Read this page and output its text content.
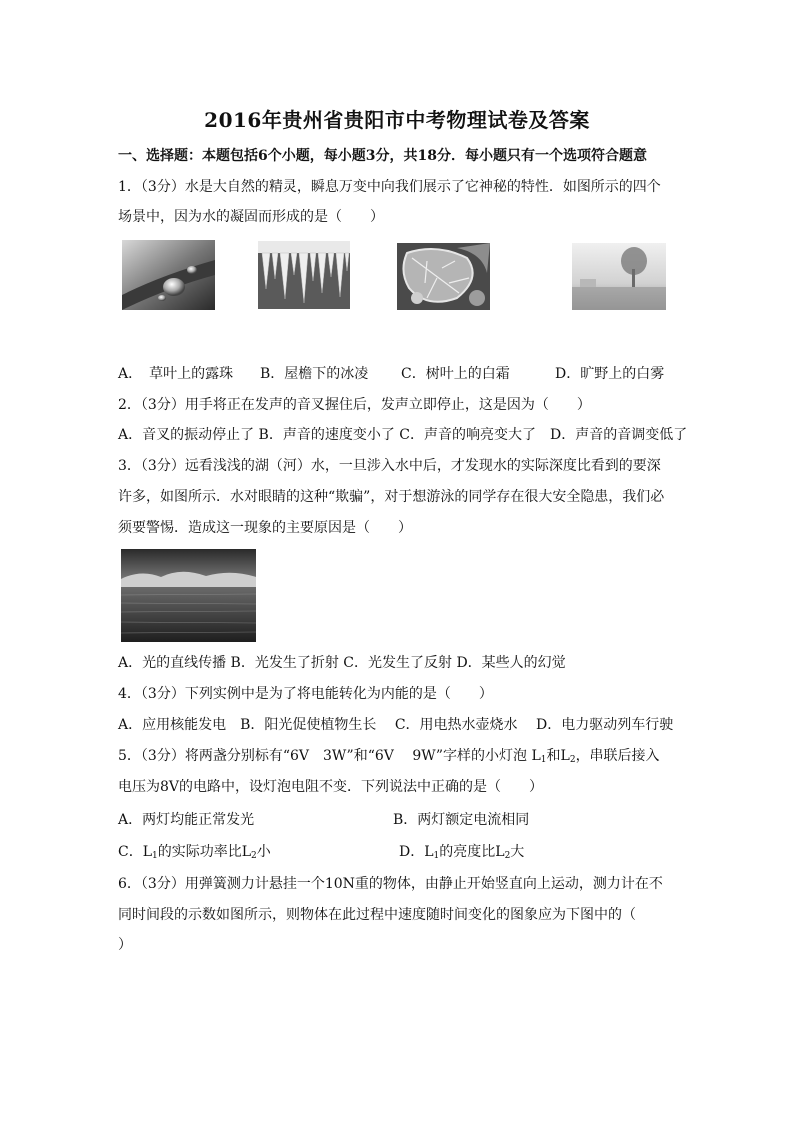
2016年贵州省贵阳市中考物理试卷及答案
一、选择题：本题包括6个小题，每小题3分，共18分．每小题只有一个选项符合题意
1．（3分）水是大自然的精灵，瞬息万变中向我们展示了它神秘的特性．如图所示的四个
场景中，因为水的凝固而形成的是（　　）
A．　草叶上的露珠 B．屋檐下的冰凌 C．树叶上的白霜	D．旷野上的白雾
2．（3分）用手将正在发声的音叉握住后，发声立即停止，这是因为（　　）
A．音叉的振动停止了 B．声音的速度变小了 C．声音的响亮变大了　D．声音的音调变低了
3．（3分）远看浅浅的湖（河）水，一旦涉入水中后，才发现水的实际深度比看到的要深
许多，如图所示．水对眼睛的这种“欺骗”，对于想游泳的同学存在很大安全隐患，我们必
须要警惕．造成这一现象的主要原因是（　　）
A．光的直线传播 B．光发生了折射 C．光发生了反射 D．某些人的幻觉
4．（3分）下列实例中是为了将电能转化为内能的是（　　）
A．应用核能发电　B．阳光促使植物生长　 C．用电热水壶烧水　 D．电力驱动列车行驶
5．（3分）将两盏分别标有“6V　3W”和“6V　 9W”字样的小灯泡 $L_1$和$L_2$，串联后接入
电压为8V的电路中，设灯泡电阻不变．下列说法中正确的是（　　）
A．两灯均能正常发光	B．两灯额定电流相同
C．$L_1$的实际功率比$L_2$小	D．$L_1$的亮度比$L_2$大
6．（3分）用弹簧测力计悬挂一个10N重的物体，由静止开始竖直向上运动，测力计在不
同时间段的示数如图所示，则物体在此过程中速度随时间变化的图象应为下图中的（
）
